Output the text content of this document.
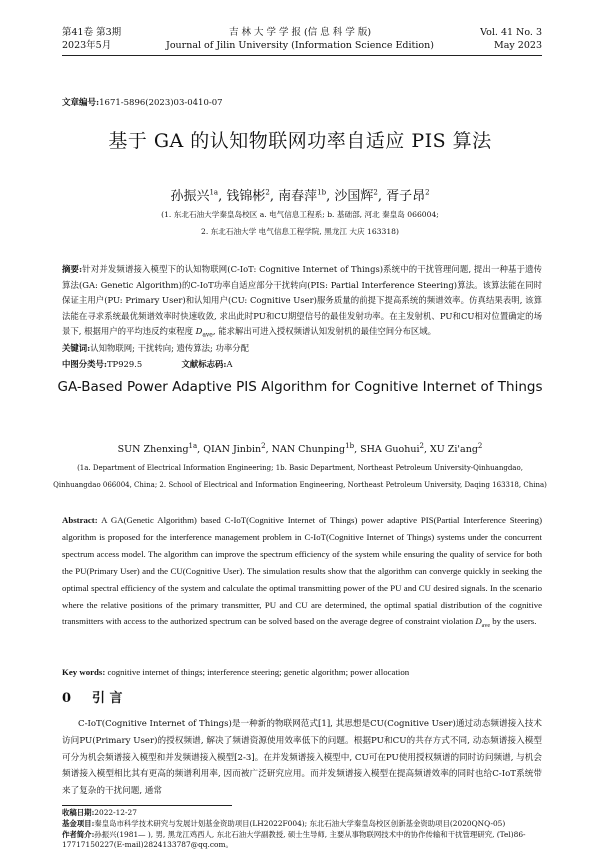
第41卷 第3期
2023年5月
吉 林 大 学 学 报 (信 息 科 学 版)
Journal of Jilin University (Information Science Edition)
Vol. 41 No. 3
May 2023
文章编号:1671-5896(2023)03-0410-07
基于 GA 的认知物联网功率自适应 PIS 算法
孙振兴$^{1a}$, 钱锦彬$^2$, 南春萍$^{1b}$, 沙国辉$^2$, 胥子昂$^2$
(1. 东北石油大学秦皇岛校区 a. 电气信息工程系; b. 基础部, 河北 秦皇岛 066004;
2. 东北石油大学 电气信息工程学院, 黑龙江 大庆 163318)
摘要:针对并发频谱接入模型下的认知物联网(C-IoT: Cognitive Internet of Things)系统中的干扰管理问题, 提出一种基于遗传算法(GA: Genetic Algorithm)的C-IoT功率自适应部分干扰转向(PIS: Partial Interference Steering)算法。该算法能在同时保证主用户(PU: Primary User)和认知用户(CU: Cognitive User)服务质量的前提下提高系统的频谱效率。仿真结果表明, 该算法能在寻求系统最优频谱效率时快速收敛, 求出此时PU和CU期望信号的最佳发射功率。在主发射机、PU和CU相对位置确定的场景下, 根据用户的平均违反约束程度 $D_{ave}$, 能求解出可进入授权频谱认知发射机的最佳空间分布区域。
关键词:认知物联网; 干扰转向; 遗传算法; 功率分配
中图分类号:TP929.5	文献标志码:A
GA-Based Power Adaptive PIS Algorithm for Cognitive Internet of Things
SUN Zhenxing$^{1a}$, QIAN Jinbin$^2$, NAN Chunping$^{1b}$, SHA Guohui$^2$, XU Zi'ang$^2$
(1a. Department of Electrical Information Engineering; 1b. Basic Department, Northeast Petroleum University-Qinhuangdao,
Qinhuangdao 066004, China; 2. School of Electrical and Information Engineering, Northeast Petroleum University, Daqing 163318, China)
Abstract: A GA(Genetic Algorithm) based C-IoT(Cognitive Internet of Things) power adaptive PIS(Partial Interference Steering) algorithm is proposed for the interference management problem in C-IoT(Cognitive Internet of Things) systems under the concurrent spectrum access model. The algorithm can improve the spectrum efficiency of the system while ensuring the quality of service for both the PU(Primary User) and the CU(Cognitive User). The simulation results show that the algorithm can converge quickly in seeking the optimal spectral efficiency of the system and calculate the optimal transmitting power of the PU and CU desired signals. In the scenario where the relative positions of the primary transmitter, PU and CU are determined, the optimal spatial distribution of the cognitive transmitters with access to the authorized spectrum can be solved based on the average degree of constraint violation $D_{ave}$ by the users.
Key words: cognitive internet of things; interference steering; genetic algorithm; power allocation
0 引 言
C-IoT(Cognitive Internet of Things)是一种新的物联网范式[1], 其思想是CU(Cognitive User)通过动态频谱接入技术访问PU(Primary User)的授权频谱, 解决了频谱资源使用效率低下的问题。根据PU和CU的共存方式不同, 动态频谱接入模型可分为机会频谱接入模型和并发频谱接入模型[2-3]。在并发频谱接入模型中, CU可在PU使用授权频谱的同时访问频谱, 与机会频谱接入模型相比其有更高的频谱利用率, 因而被广泛研究应用。而并发频谱接入模型在提高频谱效率的同时也给C-IoT系统带来了复杂的干扰问题, 通常
收稿日期:2022-12-27
基金项目:秦皇岛市科学技术研究与发展计划基金资助项目(LH2022F004); 东北石油大学秦皇岛校区创新基金资助项目(2020QNQ-05)
作者简介:孙振兴(1981— ), 男, 黑龙江鸡西人, 东北石油大学副教授, 硕士生导师, 主要从事物联网技术中的协作传输和干扰管理研究, (Tel)86-17717150227(E-mail)2824133787@qq.com。
